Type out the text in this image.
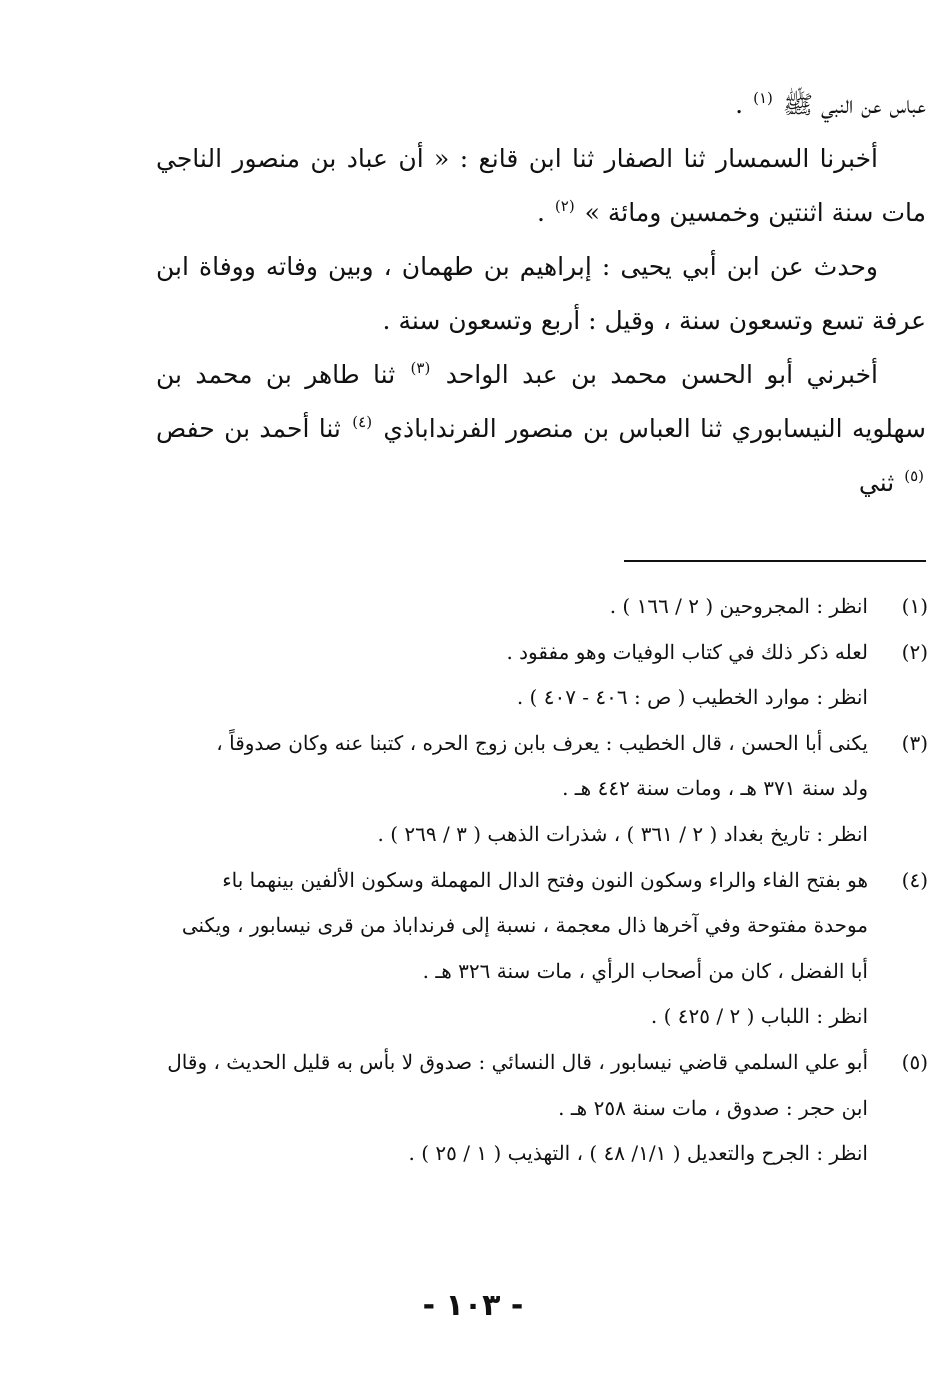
عباس عن النبي ﷺ $^{(١)}$ .

أخبرنا السمسار ثنا الصفار ثنا ابن قانع : « أن عباد بن منصور الناجي مات سنة اثنتين وخمسين ومائة » $^{(٢)}$ .

وحدث عن ابن أبي يحيى : إبراهيم بن طهمان ، وبين وفاته ووفاة ابن عرفة تسع وتسعون سنة ، وقيل : أربع وتسعون سنة .

أخبرني أبو الحسن محمد بن عبد الواحد $^{(٣)}$ ثنا طاهر بن محمد بن سهلويه النيسابوري ثنا العباس بن منصور الفرنداباذي $^{(٤)}$ ثنا أحمد بن حفص $^{(٥)}$ ثني

(١)
انظر : المجروحين ( ٢ / ١٦٦ ) .
(٢)
لعله ذكر ذلك في كتاب الوفيات وهو مفقود .
انظر : موارد الخطيب ( ص : ٤٠٦ - ٤٠٧ ) .
(٣)
يكنى أبا الحسن ، قال الخطيب : يعرف بابن زوج الحره ، كتبنا عنه وكان صدوقاً ،
ولد سنة ٣٧١ هـ ، ومات سنة ٤٤٢ هـ .
انظر : تاريخ بغداد ( ٢ / ٣٦١ ) ، شذرات الذهب ( ٣ / ٢٦٩ ) .
(٤)
هو بفتح الفاء والراء وسكون النون وفتح الدال المهملة وسكون الألفين بينهما باء
موحدة مفتوحة وفي آخرها ذال معجمة ، نسبة إلى فرنداباذ من قرى نيسابور ، ويكنى
أبا الفضل ، كان من أصحاب الرأي ، مات سنة ٣٢٦ هـ .
انظر : اللباب ( ٢ / ٤٢٥ ) .
(٥)
أبو علي السلمي قاضي نيسابور ، قال النسائي : صدوق لا بأس به قليل الحديث ، وقال
ابن حجر : صدوق ، مات سنة ٢٥٨ هـ .
انظر : الجرح والتعديل ( ١/١/ ٤٨ ) ، التهذيب ( ١ / ٢٥ ) .
- ١٠٣ -
